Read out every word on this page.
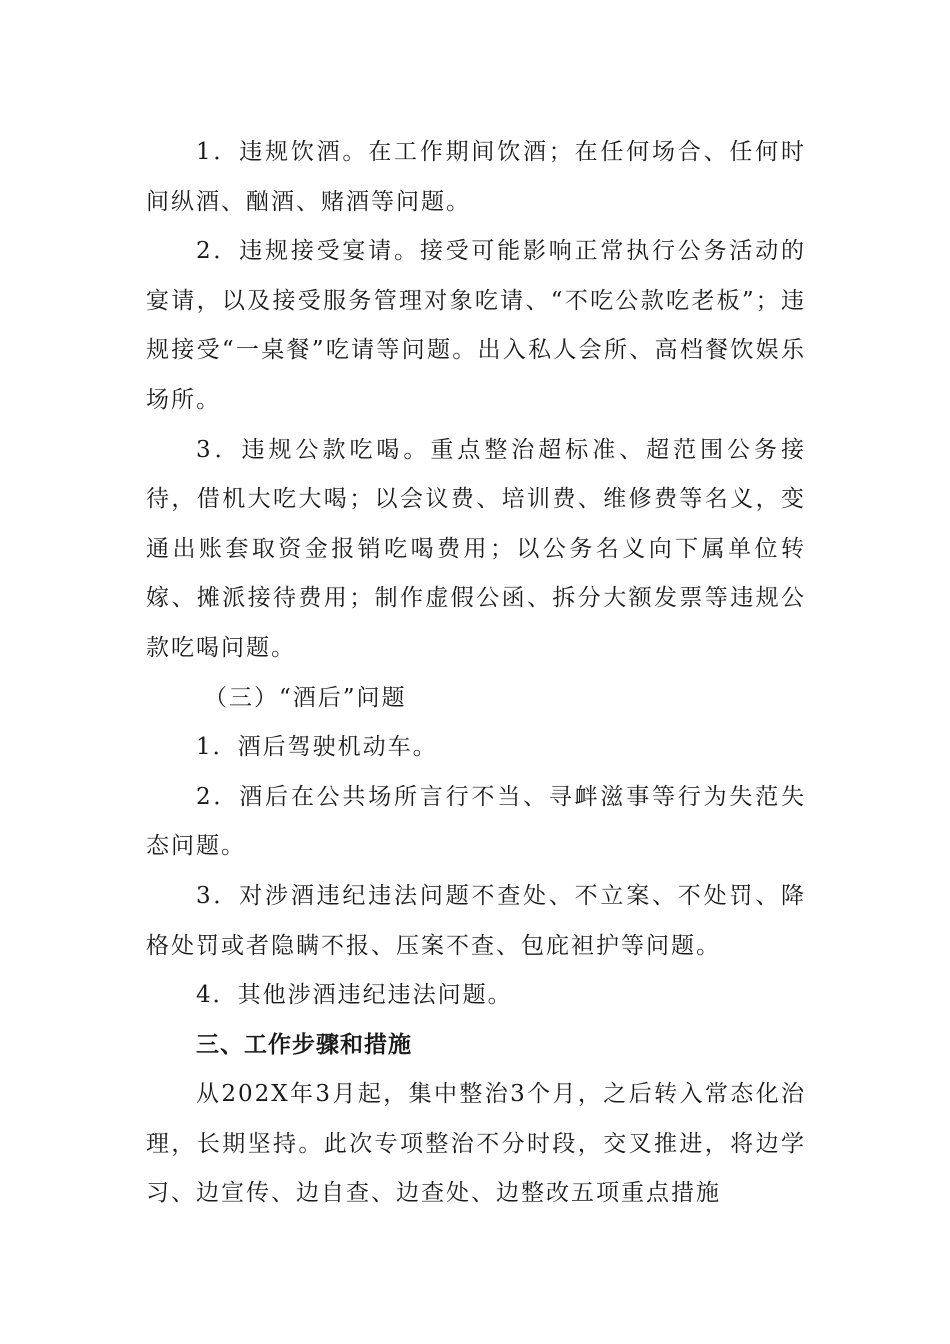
1．违规饮酒。在工作期间饮酒；在任何场合、任何时间纵酒、酗酒、赌酒等问题。

2．违规接受宴请。接受可能影响正常执行公务活动的宴请，以及接受服务管理对象吃请、“不吃公款吃老板”；违规接受“一桌餐”吃请等问题。出入私人会所、高档餐饮娱乐场所。

3．违规公款吃喝。重点整治超标准、超范围公务接待，借机大吃大喝；以会议费、培训费、维修费等名义，变通出账套取资金报销吃喝费用；以公务名义向下属单位转嫁、摊派接待费用；制作虚假公函、拆分大额发票等违规公款吃喝问题。

（三）“酒后”问题

1．酒后驾驶机动车。

2．酒后在公共场所言行不当、寻衅滋事等行为失范失态问题。

3．对涉酒违纪违法问题不查处、不立案、不处罚、降格处罚或者隐瞒不报、压案不查、包庇袒护等问题。

4．其他涉酒违纪违法问题。

三、工作步骤和措施

从202X年3月起，集中整治3个月，之后转入常态化治理，长期坚持。此次专项整治不分时段，交叉推进，将边学习、边宣传、边自查、边查处、边整改五项重点措施
